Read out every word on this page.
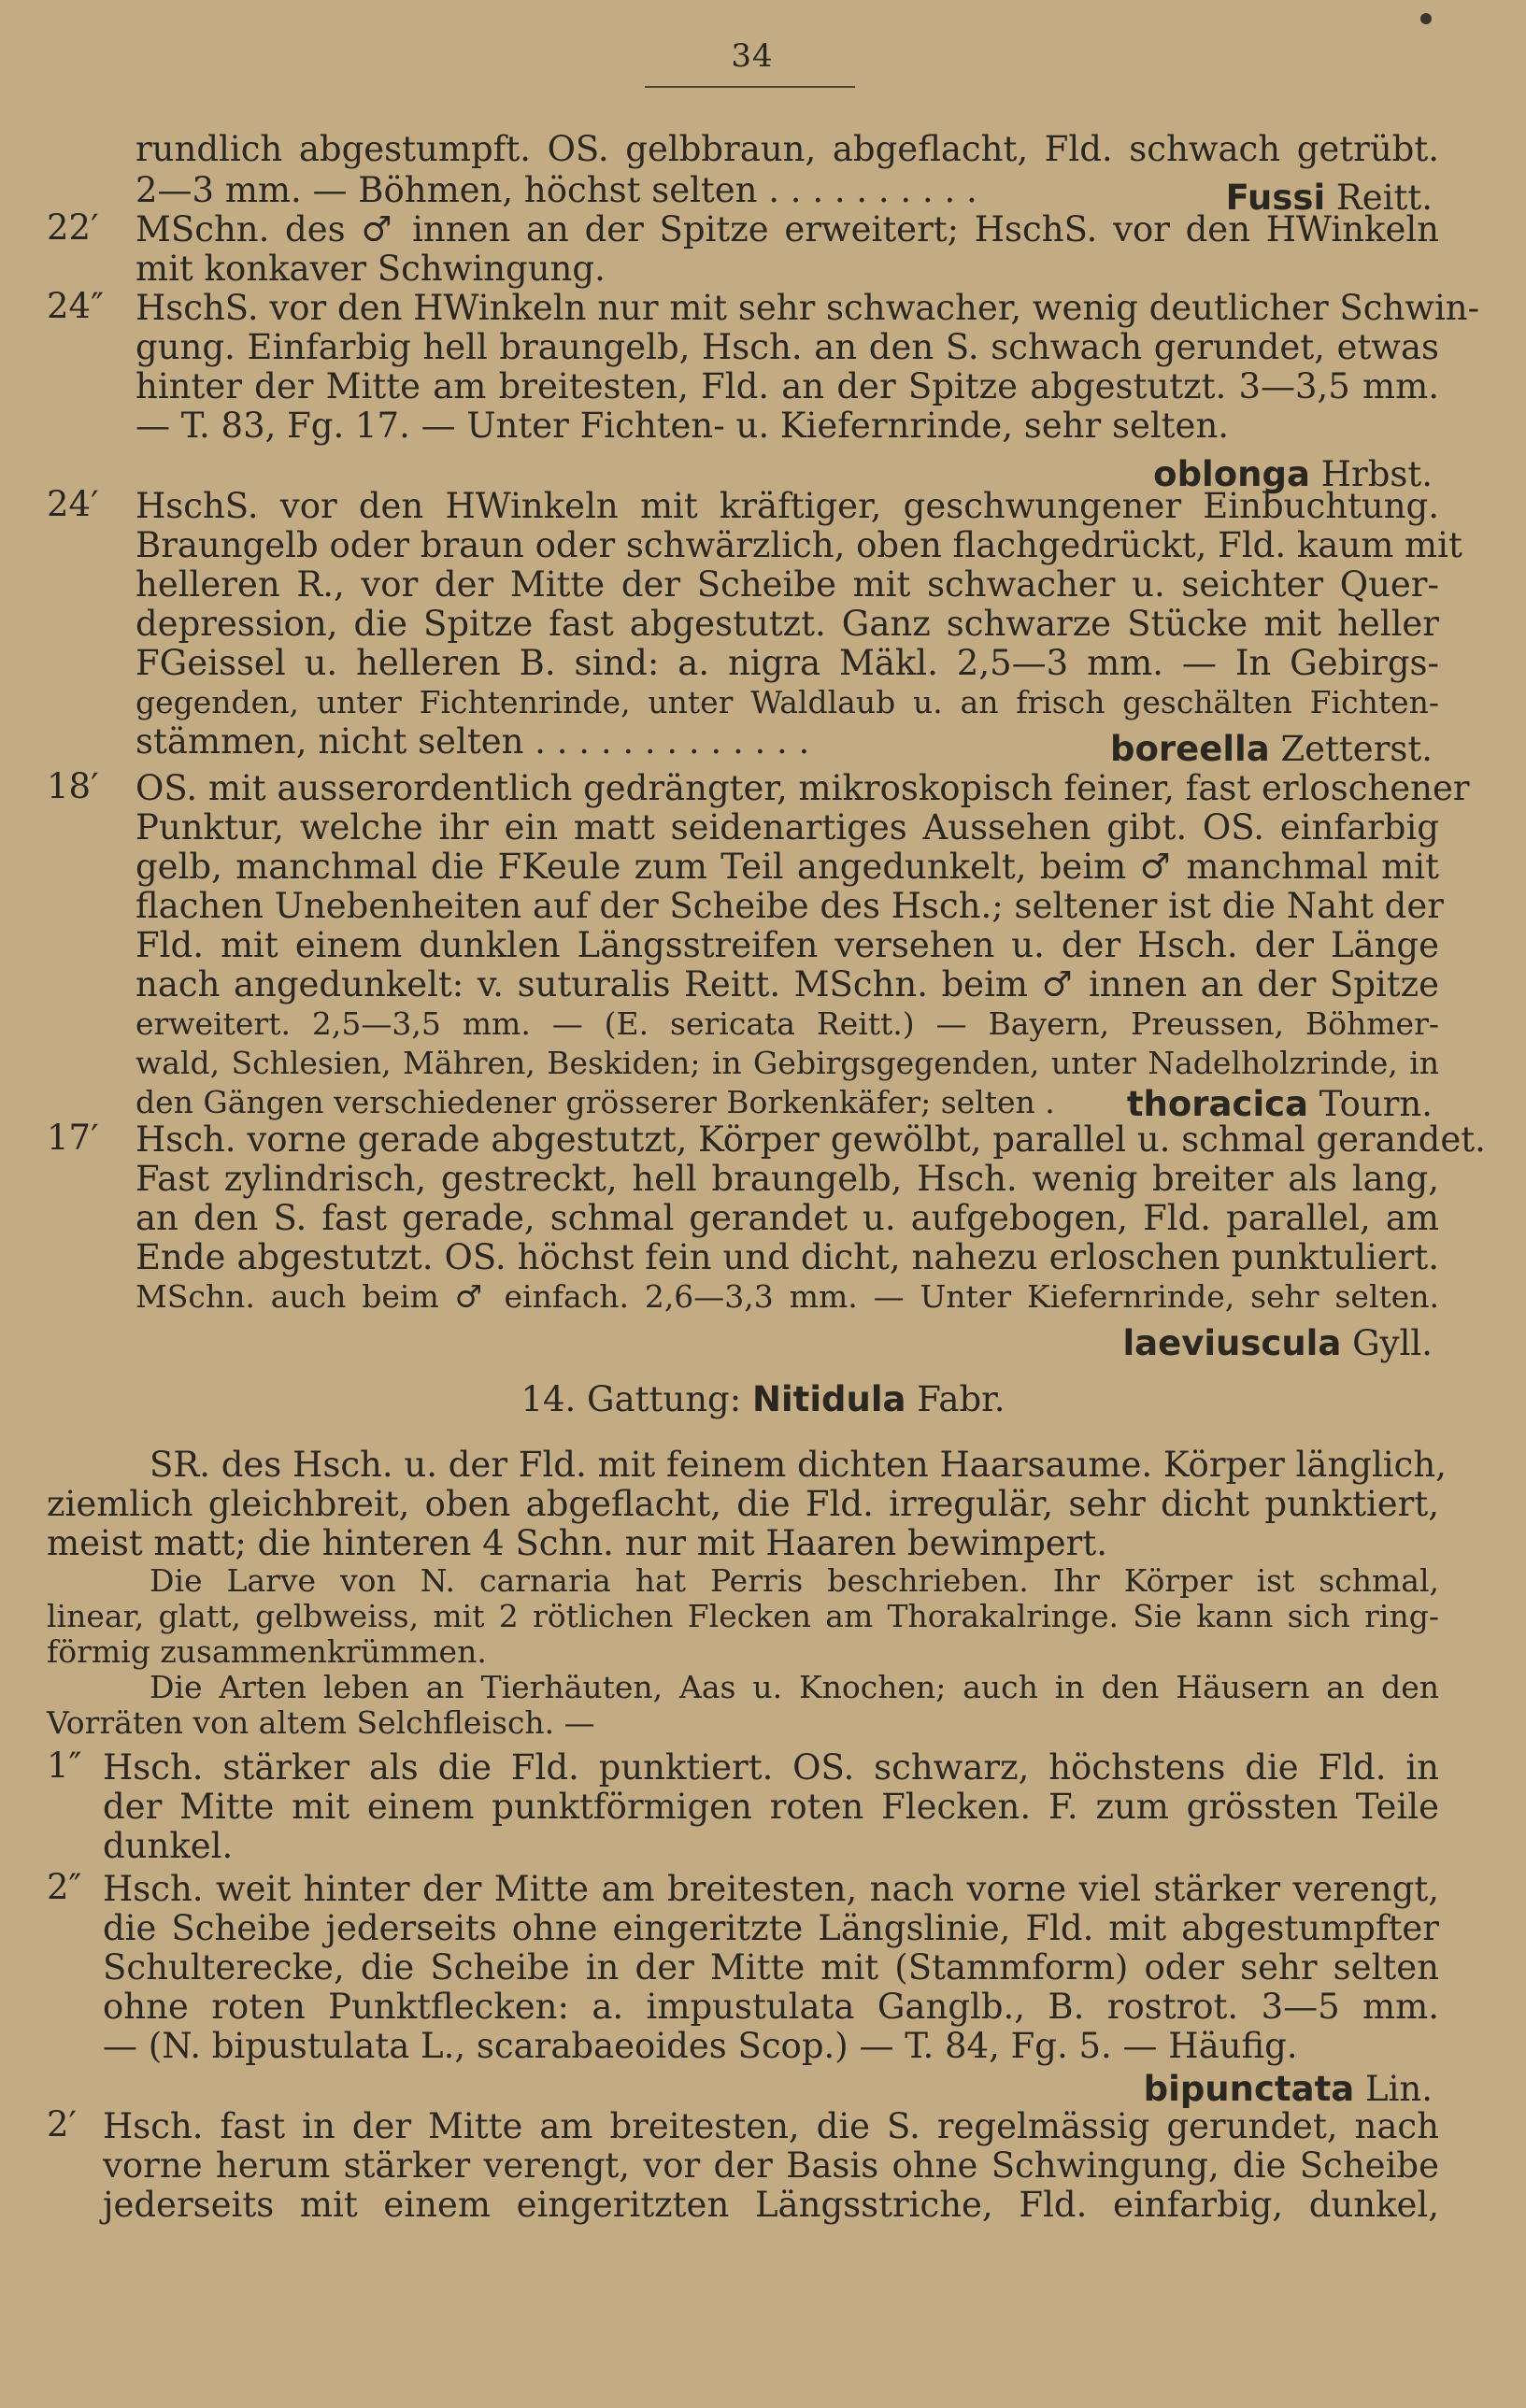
34
rundlich abgestumpft. OS. gelbbraun, abgeflacht, Fld. schwach getrübt.
2—3 mm. — Böhmen, höchst selten . . . . . . . . . .	Fussi Reitt.
22′ MSchn. des ♂ innen an der Spitze erweitert; HschS. vor den HWinkeln
mit konkaver Schwingung.
24″ HschS. vor den HWinkeln nur mit sehr schwacher, wenig deutlicher Schwin-
gung. Einfarbig hell braungelb, Hsch. an den S. schwach gerundet, etwas
hinter der Mitte am breitesten, Fld. an der Spitze abgestutzt. 3—3,5 mm.
— T. 83, Fg. 17. — Unter Fichten- u. Kiefernrinde, sehr selten.
oblonga Hrbst.
24′ HschS. vor den HWinkeln mit kräftiger, geschwungener Einbuchtung.
Braungelb oder braun oder schwärzlich, oben flachgedrückt, Fld. kaum mit
helleren R., vor der Mitte der Scheibe mit schwacher u. seichter Quer-
depression, die Spitze fast abgestutzt. Ganz schwarze Stücke mit heller
FGeissel u. helleren B. sind: a. nigra Mäkl. 2,5—3 mm. — In Gebirgs-
gegenden, unter Fichtenrinde, unter Waldlaub u. an frisch geschälten Fichten-
stämmen, nicht selten . . . . . . . . . . . . .	boreella Zetterst.
18′ OS. mit ausserordentlich gedrängter, mikroskopisch feiner, fast erloschener
Punktur, welche ihr ein matt seidenartiges Aussehen gibt. OS. einfarbig
gelb, manchmal die FKeule zum Teil angedunkelt, beim ♂ manchmal mit
flachen Unebenheiten auf der Scheibe des Hsch.; seltener ist die Naht der
Fld. mit einem dunklen Längsstreifen versehen u. der Hsch. der Länge
nach angedunkelt: v. suturalis Reitt. MSchn. beim ♂ innen an der Spitze
erweitert. 2,5—3,5 mm. — (E. sericata Reitt.) — Bayern, Preussen, Böhmer-
wald, Schlesien, Mähren, Beskiden; in Gebirgsgegenden, unter Nadelholzrinde, in
den Gängen verschiedener grösserer Borkenkäfer; selten . thoracica Tourn.
17′ Hsch. vorne gerade abgestutzt, Körper gewölbt, parallel u. schmal gerandet.
Fast zylindrisch, gestreckt, hell braungelb, Hsch. wenig breiter als lang,
an den S. fast gerade, schmal gerandet u. aufgebogen, Fld. parallel, am
Ende abgestutzt. OS. höchst fein und dicht, nahezu erloschen punktuliert.
MSchn. auch beim ♂ einfach. 2,6—3,3 mm. — Unter Kiefernrinde, sehr selten.
laeviuscula Gyll.
14. Gattung: Nitidula Fabr.
SR. des Hsch. u. der Fld. mit feinem dichten Haarsaume. Körper länglich,
ziemlich gleichbreit, oben abgeflacht, die Fld. irregulär, sehr dicht punktiert,
meist matt; die hinteren 4 Schn. nur mit Haaren bewimpert.
Die Larve von N. carnaria hat Perris beschrieben. Ihr Körper ist schmal,
linear, glatt, gelbweiss, mit 2 rötlichen Flecken am Thorakalringe. Sie kann sich ring-
förmig zusammenkrümmen.
Die Arten leben an Tierhäuten, Aas u. Knochen; auch in den Häusern an den
Vorräten von altem Selchfleisch. —
1″ Hsch. stärker als die Fld. punktiert. OS. schwarz, höchstens die Fld. in
der Mitte mit einem punktförmigen roten Flecken. F. zum grössten Teile
dunkel.
2″ Hsch. weit hinter der Mitte am breitesten, nach vorne viel stärker verengt,
die Scheibe jederseits ohne eingeritzte Längslinie, Fld. mit abgestumpfter
Schulterecke, die Scheibe in der Mitte mit (Stammform) oder sehr selten
ohne roten Punktflecken: a. impustulata Ganglb., B. rostrot. 3—5 mm.
— (N. bipustulata L., scarabaeoides Scop.) — T. 84, Fg. 5. — Häufig.
bipunctata Lin.
2′ Hsch. fast in der Mitte am breitesten, die S. regelmässig gerundet, nach
vorne herum stärker verengt, vor der Basis ohne Schwingung, die Scheibe
jederseits mit einem eingeritzten Längsstriche, Fld. einfarbig, dunkel,
